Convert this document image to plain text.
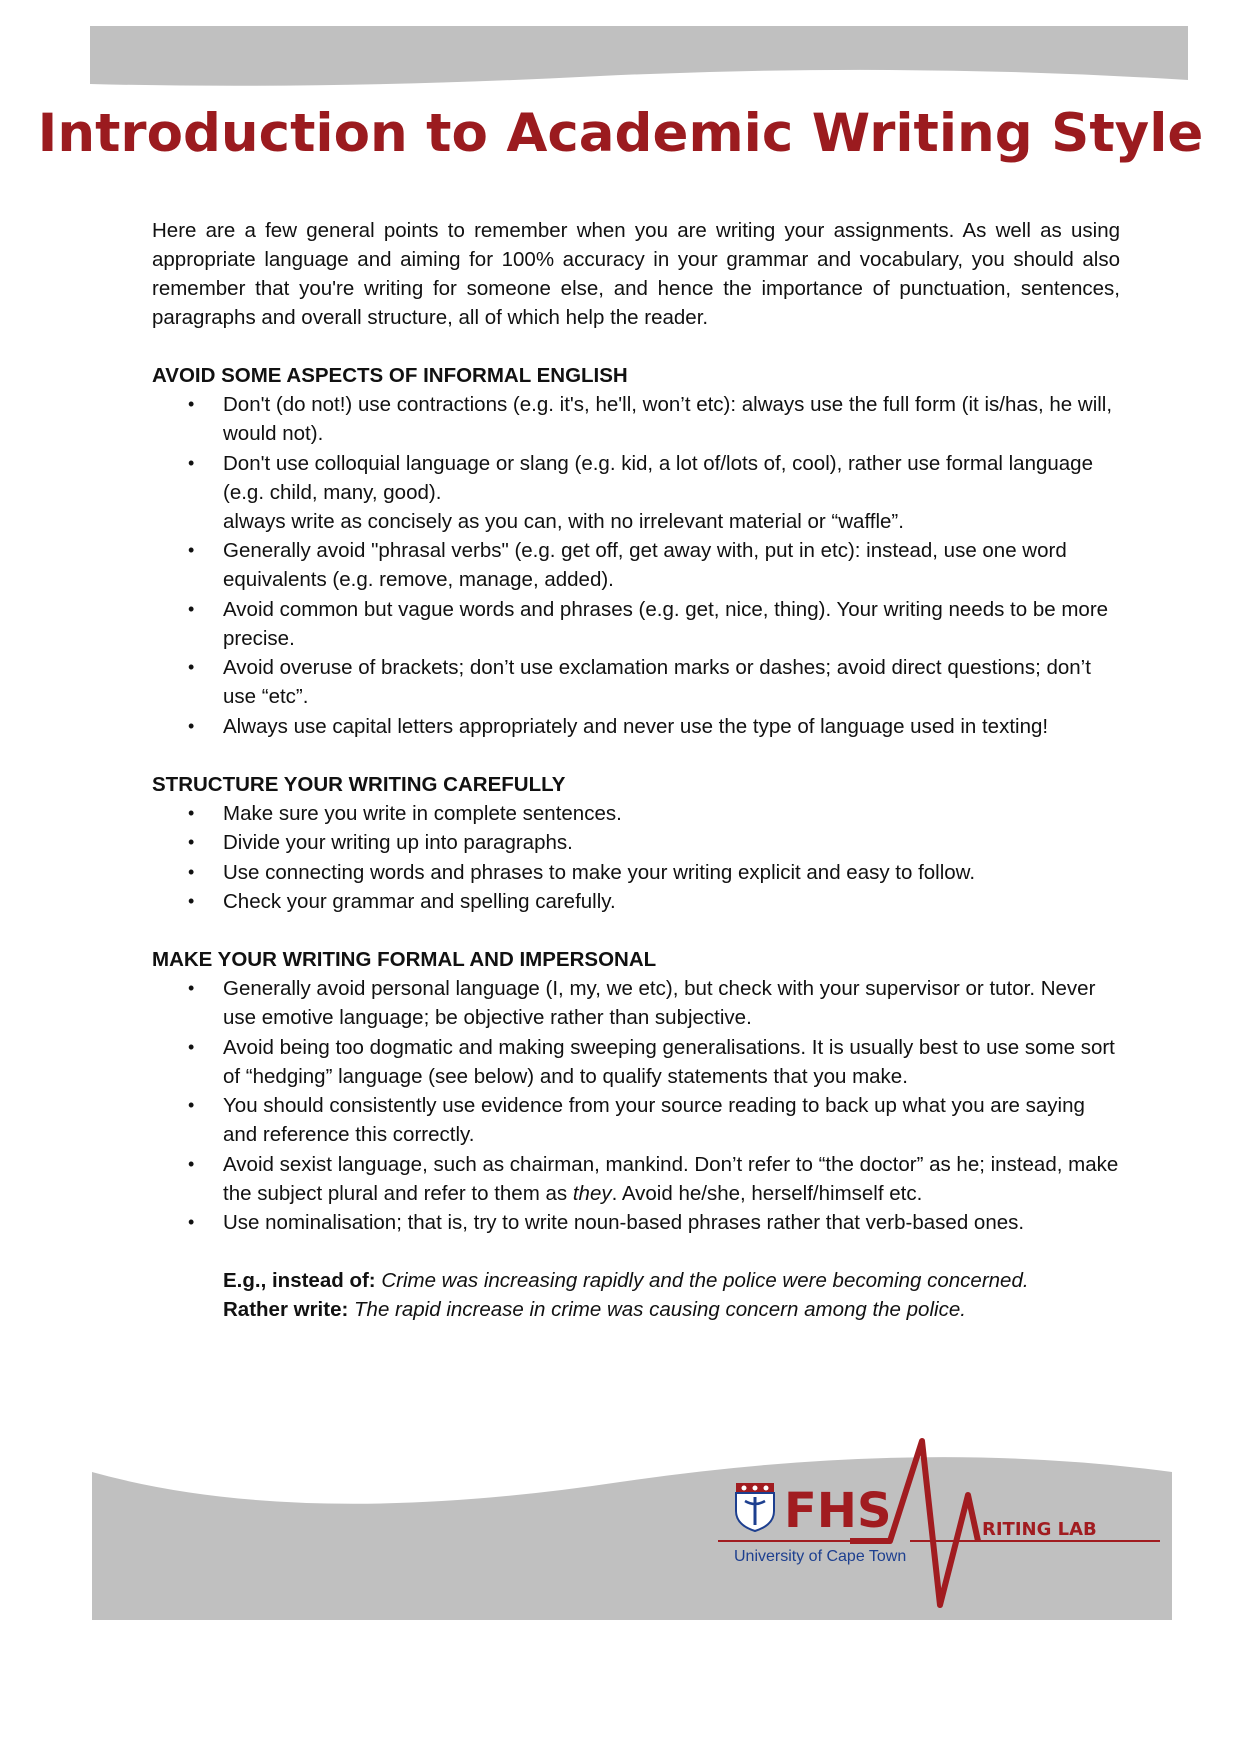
Introduction to Academic Writing Style

Here are a few general points to remember when you are writing your assignments. As well as using appropriate language and aiming for 100% accuracy in your grammar and vocabulary, you should also remember that you're writing for someone else, and hence the importance of punctuation, sentences, paragraphs and overall structure, all of which help the reader.

AVOID SOME ASPECTS OF INFORMAL ENGLISH

• Don't (do not!) use contractions (e.g. it's, he'll, won’t etc): always use the full form (it is/has, he will, would not).
• Don't use colloquial language or slang (e.g. kid, a lot of/lots of, cool), rather use formal language (e.g. child, many, good).
always write as concisely as you can, with no irrelevant material or “waffle”.
• Generally avoid "phrasal verbs" (e.g. get off, get away with, put in etc): instead, use one word equivalents (e.g. remove, manage, added).
• Avoid common but vague words and phrases (e.g. get, nice, thing). Your writing needs to be more precise.
• Avoid overuse of brackets; don’t use exclamation marks or dashes; avoid direct questions; don’t use “etc”.
• Always use capital letters appropriately and never use the type of language used in texting!

STRUCTURE YOUR WRITING CAREFULLY

• Make sure you write in complete sentences.
• Divide your writing up into paragraphs.
• Use connecting words and phrases to make your writing explicit and easy to follow.
• Check your grammar and spelling carefully.

MAKE YOUR WRITING FORMAL AND IMPERSONAL

• Generally avoid personal language (I, my, we etc), but check with your supervisor or tutor. Never use emotive language; be objective rather than subjective.
• Avoid being too dogmatic and making sweeping generalisations. It is usually best to use some sort of “hedging” language (see below) and to qualify statements that you make.
• You should consistently use evidence from your source reading to back up what you are saying and reference this correctly.
• Avoid sexist language, such as chairman, mankind. Don’t refer to “the doctor” as he; instead, make the subject plural and refer to them as they. Avoid he/she, herself/himself etc.
• Use nominalisation; that is, try to write noun-based phrases rather that verb-based ones.
E.g., instead of: Crime was increasing rapidly and the police were becoming concerned.
Rather write: The rapid increase in crime was causing concern among the police.
FHS
University of Cape Town
RITING LAB
